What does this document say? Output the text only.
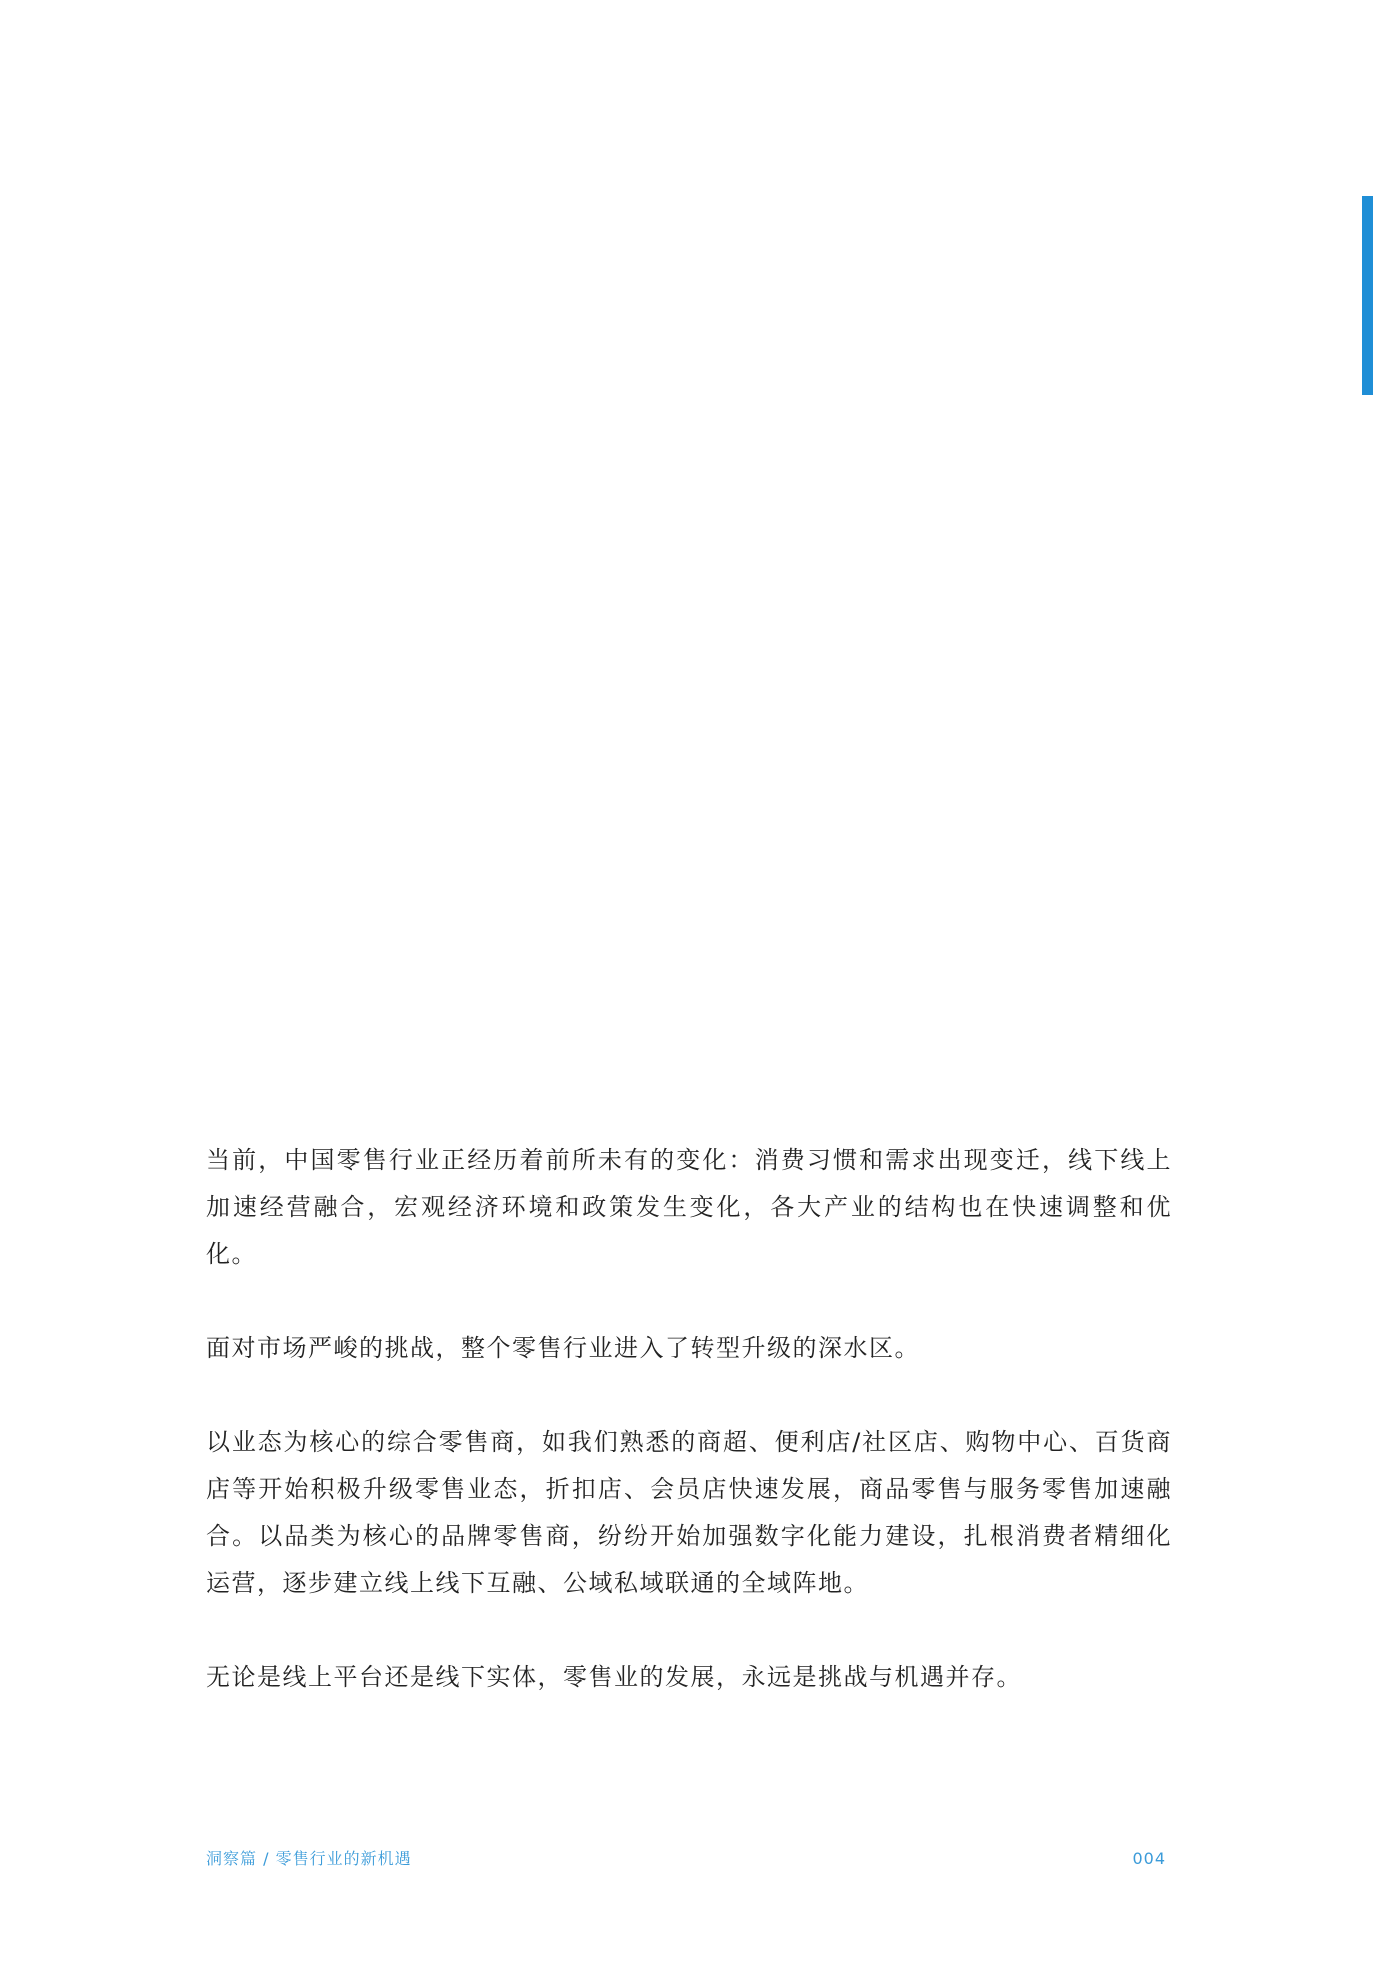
当前，中国零售行业正经历着前所未有的变化：消费习惯和需求出现变迁，线下线上加速经营融合，宏观经济环境和政策发生变化，各大产业的结构也在快速调整和优化。

面对市场严峻的挑战，整个零售行业进入了转型升级的深水区。

以业态为核心的综合零售商，如我们熟悉的商超、便利店/社区店、购物中心、百货商店等开始积极升级零售业态，折扣店、会员店快速发展，商品零售与服务零售加速融合。以品类为核心的品牌零售商，纷纷开始加强数字化能力建设，扎根消费者精细化运营，逐步建立线上线下互融、公域私域联通的全域阵地。

无论是线上平台还是线下实体，零售业的发展，永远是挑战与机遇并存。

洞察篇 / 零售行业的新机遇	004
